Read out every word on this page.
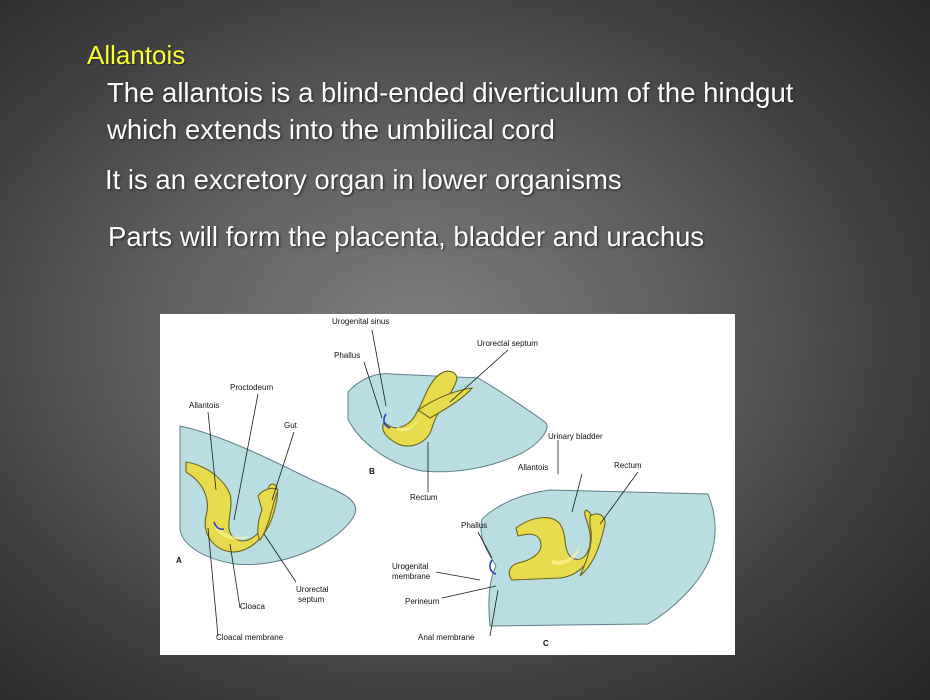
Allantois
The allantois is a blind-ended diverticulum of the hindgut which extends into the umbilical cord
It is an excretory organ in lower organisms
Parts will form the placenta, bladder and urachus
A
B
C
Urogenital sinus
Phallus
Urorectal septum
Proctodeum
Allantois
Gut
Urinary bladder
Allantois	Rectum
Rectum
Phallus
Urogenital
membrane
Urorectal
septum
Cloaca
Perineum
Cloacal membrane	Anal membrane
